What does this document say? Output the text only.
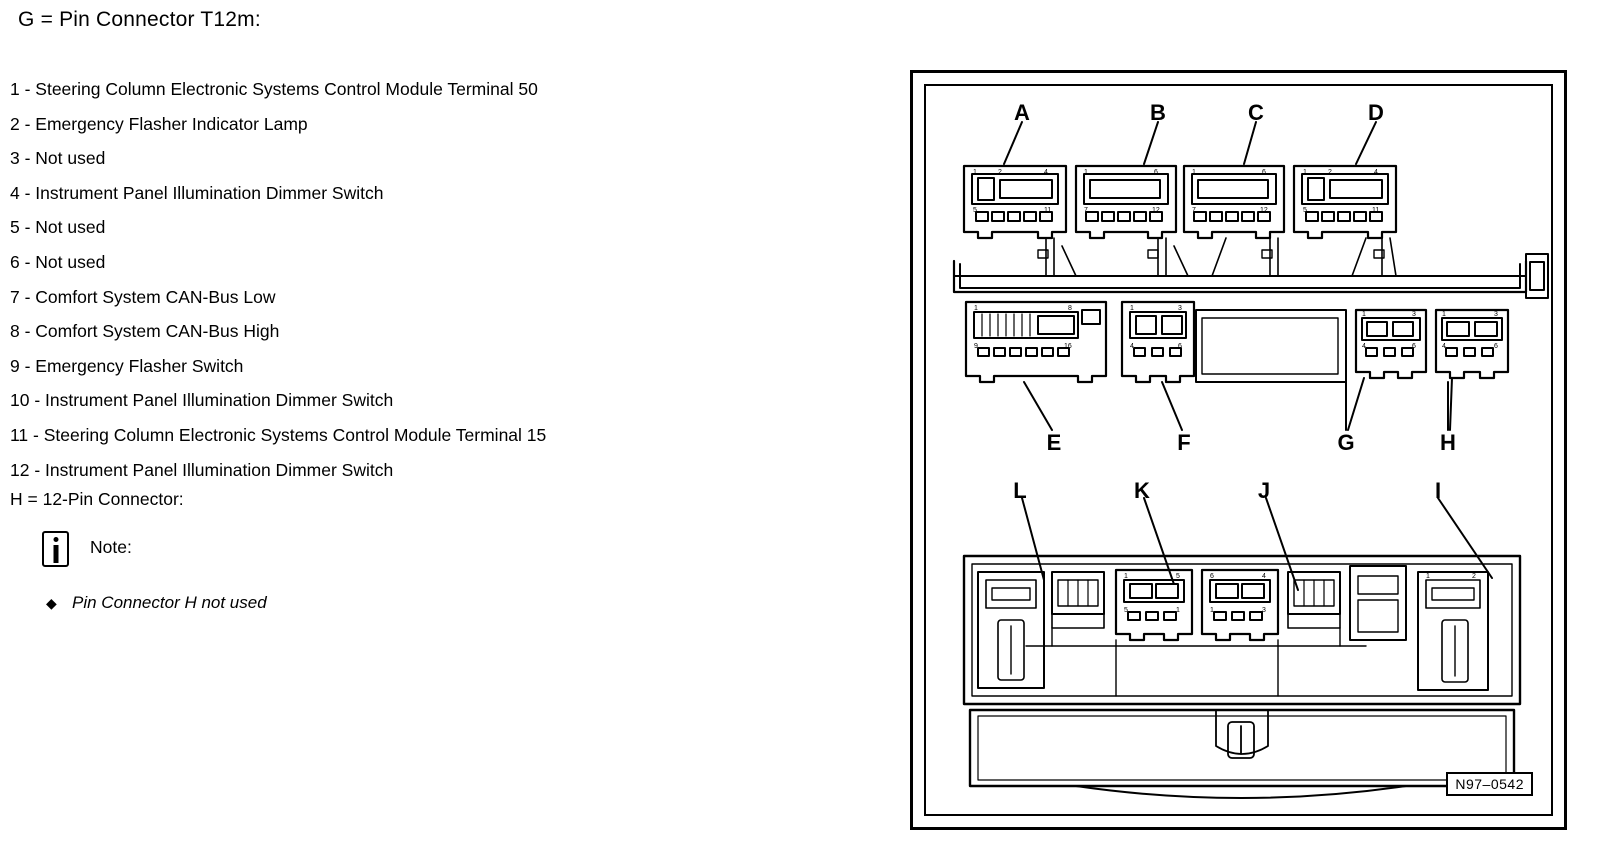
G = Pin Connector T12m:
1 - Steering Column Electronic Systems Control Module Terminal 50
2 - Emergency Flasher Indicator Lamp
3 - Not used
4 - Instrument Panel Illumination Dimmer Switch
5 - Not used
6 - Not used
7 - Comfort System CAN-Bus Low
8 - Comfort System CAN-Bus High
9 - Emergency Flasher Switch
10 - Instrument Panel Illumination Dimmer Switch
11 - Steering Column Electronic Systems Control Module Terminal 15
12 - Instrument Panel Illumination Dimmer Switch
H = 12-Pin Connector:
Note:
◆ Pin Connector H not used
1	2	4
5	11
1	6
7	12
1	6
7	12
1	2	4
5	11
1	8
9	16
1	3
4	6
1	3
4	6
1	3
4	6
1	5
5	1
6	4
1	3
1	2
A	B	C	D
E	F	G	H
L	K	J	I
N97–0542
